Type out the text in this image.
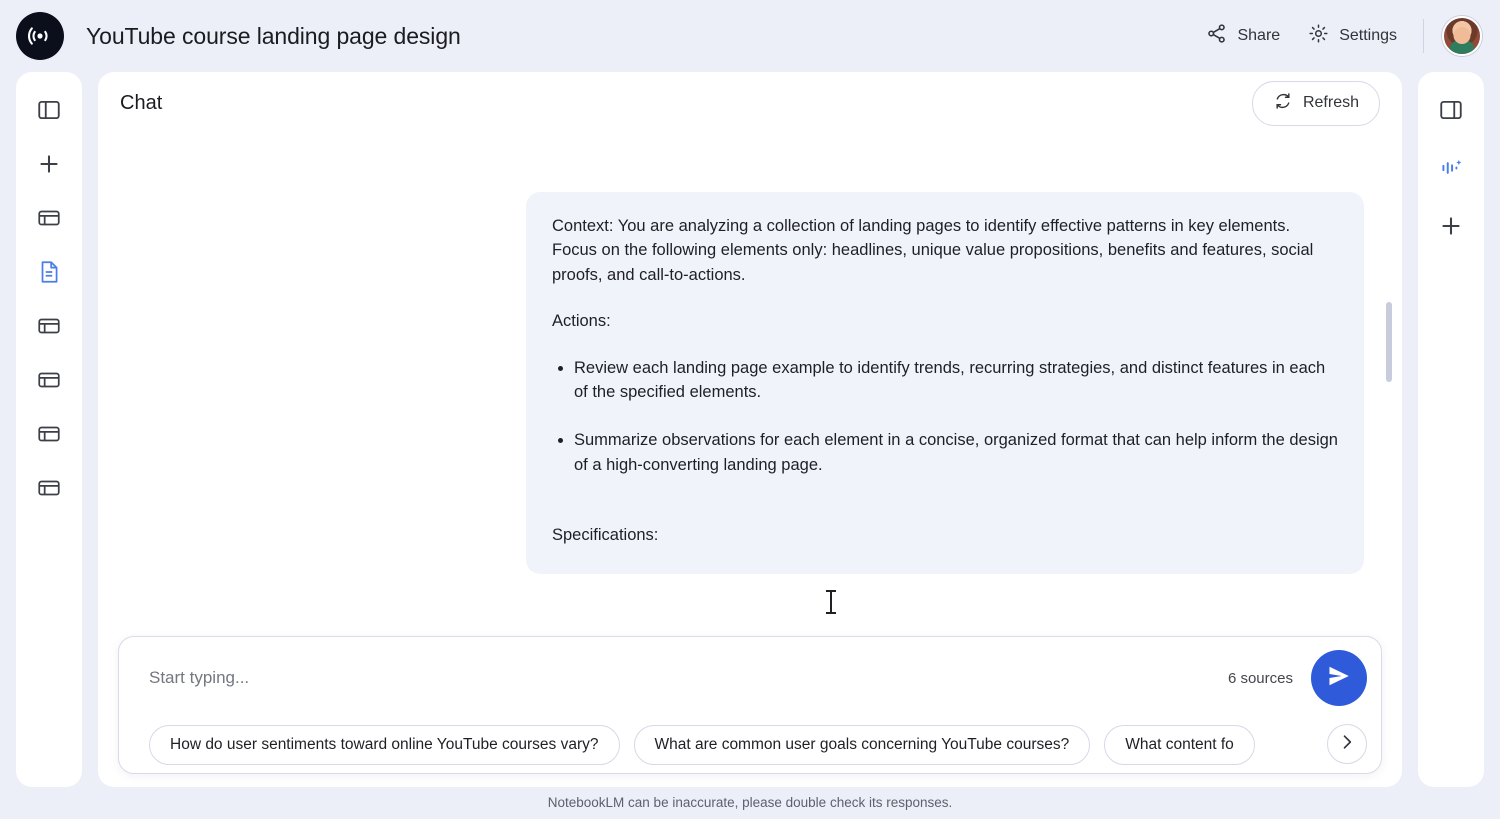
YouTube course landing page design	Share	Settings
Chat	Refresh

Context: You are analyzing a collection of landing pages to identify effective patterns in key elements.

Focus on the following elements only: headlines, unique value propositions, benefits and features, social proofs, and call-to-actions.

Actions:

• Review each landing page example to identify trends, recurring strategies, and distinct features in each of the specified elements.
• Summarize observations for each element in a concise, organized format that can help inform the design of a high-converting landing page.

Specifications:

Start typing...
6 sources
How do user sentiments toward online YouTube courses vary?	What are common user goals concerning YouTube courses?	What content fo
NotebookLM can be inaccurate, please double check its responses.
